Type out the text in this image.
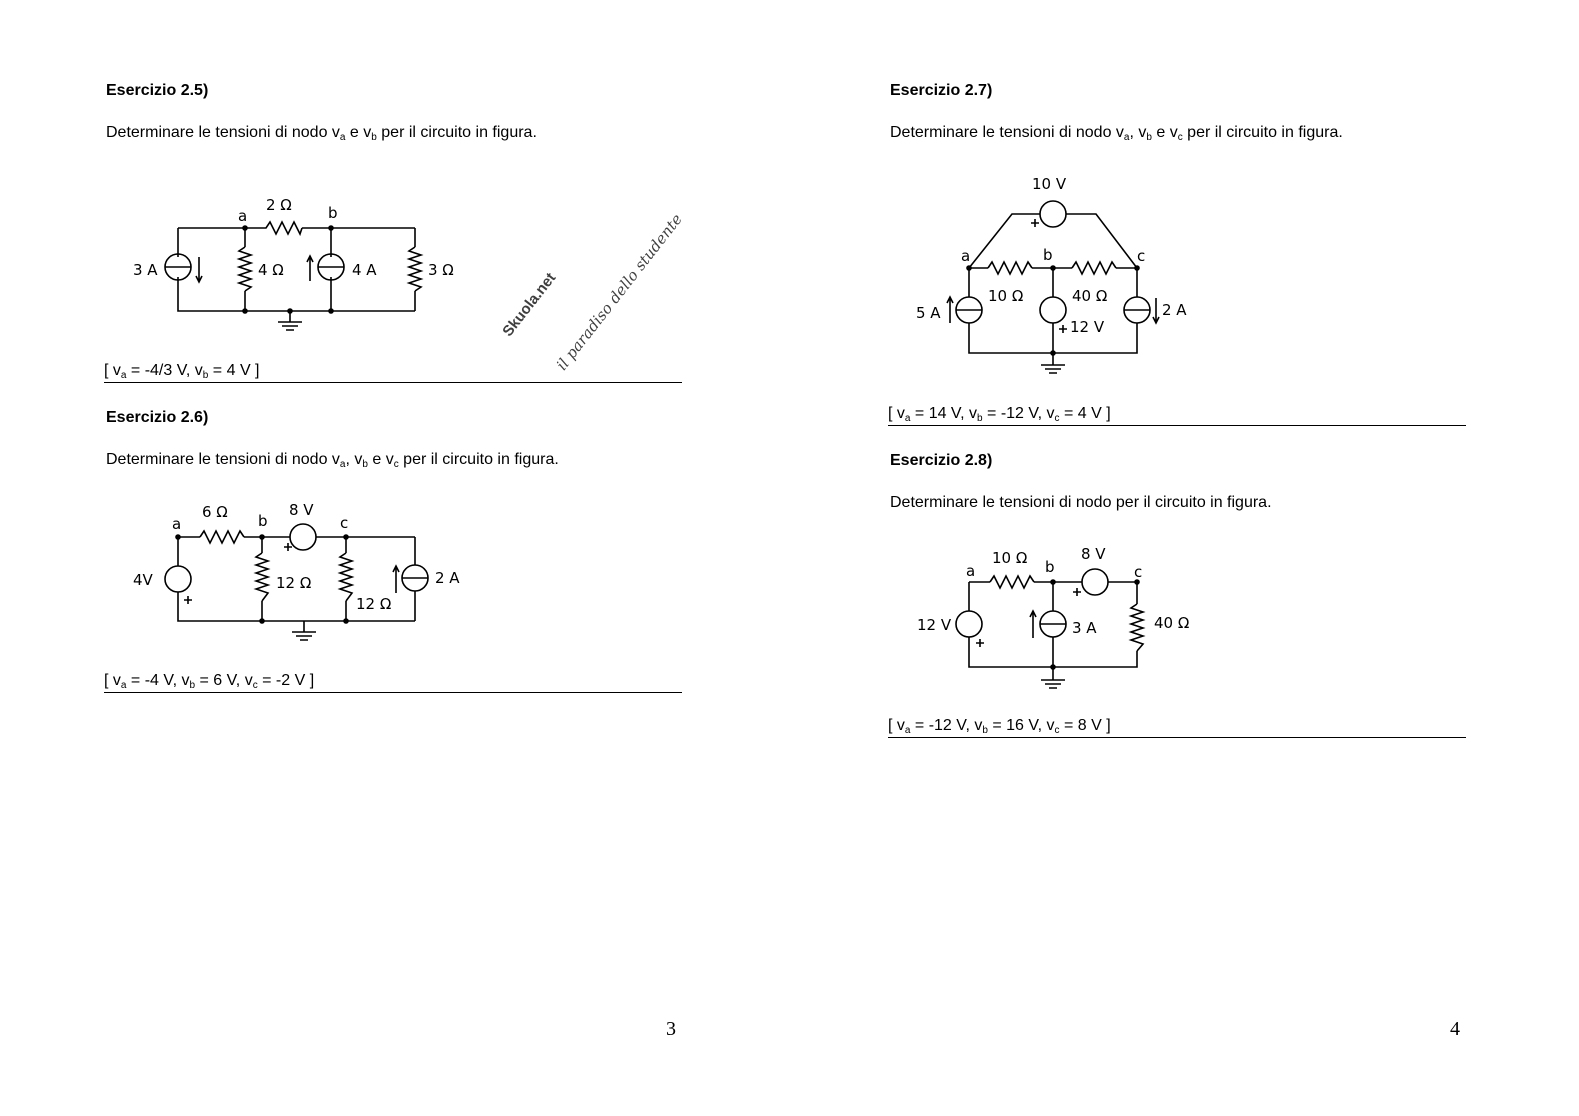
Skuola.net
il paradiso dello studente
Esercizio 2.5)
Determinare le tensioni di nodo $v_a$ e $v_b$ per il circuito in figura.
a	b
2 Ω
3 A	4 Ω	4 A	3 Ω
[ $v_a = -4/3$ V, $v_b = 4$ V ]
Esercizio 2.6)
Determinare le tensioni di nodo $v_a$, $v_b$ e $v_c$ per il circuito in figura.
a	b	c
6 Ω	8 V
4V	12 Ω
12 Ω
2 A
[ $v_a = -4$ V, $v_b = 6$ V, $v_c = -2$ V ]
3
Esercizio 2.7)
Determinare le tensioni di nodo $v_a$, $v_b$ e $v_c$ per il circuito in figura.
a	b	c
10 V
10 Ω	40 Ω
5 A
12 V
2 A
[ $v_a = 14$ V, $v_b = -12$ V, $v_c = 4$ V ]
Esercizio 2.8)
Determinare le tensioni di nodo per il circuito in figura.
a	b	c
10 Ω	8 V
12 V	3 A	40 Ω
[ $v_a = -12$ V, $v_b = 16$ V, $v_c = 8$ V ]
4
